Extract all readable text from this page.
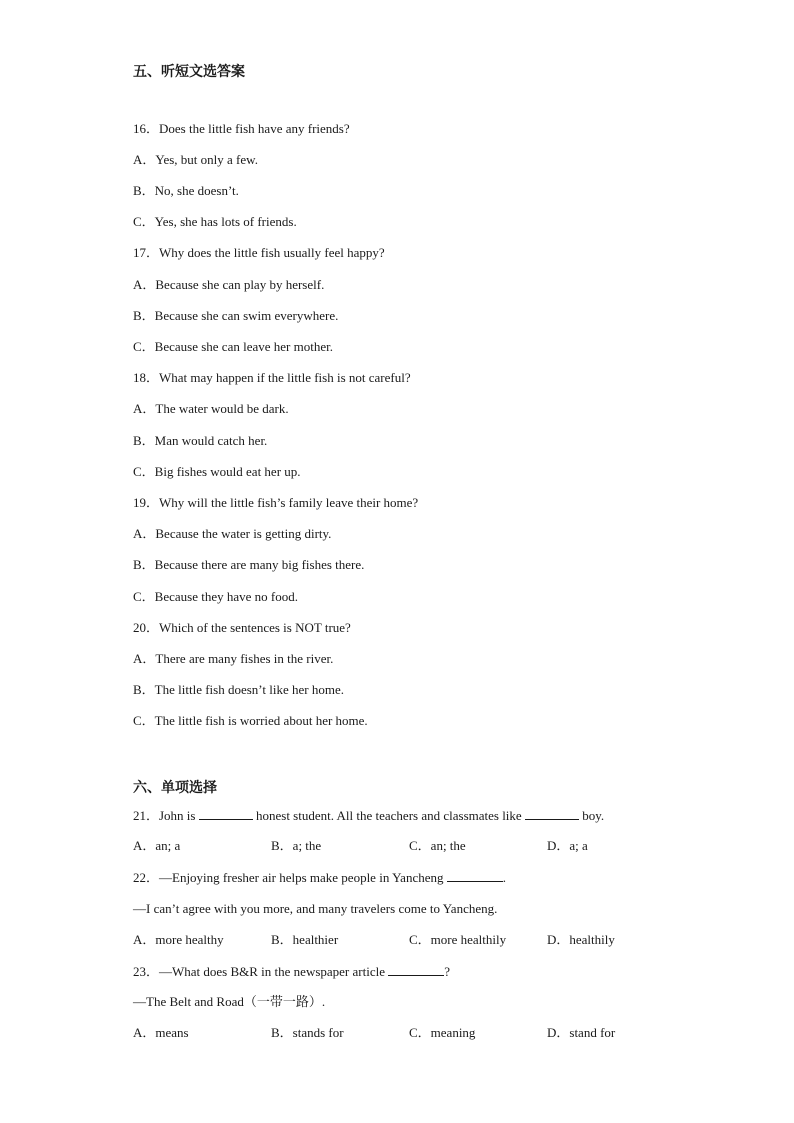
五、听短文选答案
16．Does the little fish have any friends?
A．Yes, but only a few.
B．No, she doesn’t.
C．Yes, she has lots of friends.
17．Why does the little fish usually feel happy?
A．Because she can play by herself.
B．Because she can swim everywhere.
C．Because she can leave her mother.
18．What may happen if the little fish is not careful?
A．The water would be dark.
B．Man would catch her.
C．Big fishes would eat her up.
19．Why will the little fish’s family leave their home?
A．Because the water is getting dirty.
B．Because there are many big fishes there.
C．Because they have no food.
20．Which of the sentences is NOT true?
A．There are many fishes in the river.
B．The little fish doesn’t like her home.
C．The little fish is worried about her home.
六、单项选择
21．John is	honest student. All the teachers and classmates like	boy.
A．an; a	B．a; the	C．an; the	D．a; a
22．—Enjoying fresher air helps make people in Yancheng	.
—I can’t agree with you more, and many travelers come to Yancheng.
A．more healthy	B．healthier	C．more healthily	D．healthily
23．—What does B&R in the newspaper article	?
—The Belt and Road（一带一路）.
A．means	B．stands for	C．meaning	D．stand for
